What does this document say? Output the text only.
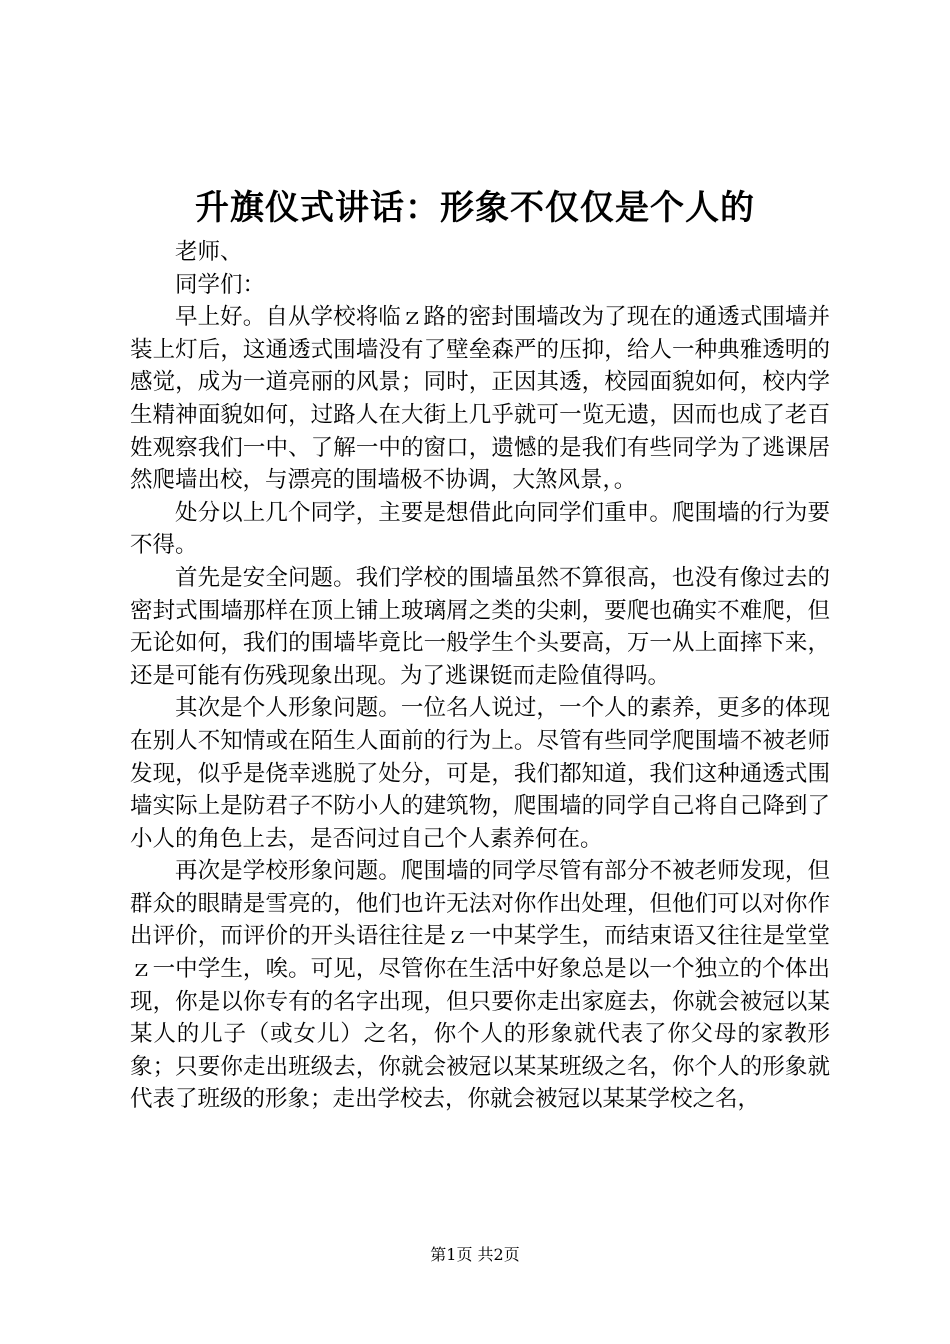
升旗仪式讲话：形象不仅仅是个人的

老师、

同学们：

早上好。自从学校将临ｚ路的密封围墙改为了现在的通透式围墙并装上灯后，这通透式围墙没有了壁垒森严的压抑，给人一种典雅透明的感觉，成为一道亮丽的风景；同时，正因其透，校园面貌如何，校内学生精神面貌如何，过路人在大街上几乎就可一览无遗，因而也成了老百姓观察我们一中、了解一中的窗口，遗憾的是我们有些同学为了逃课居然爬墙出校，与漂亮的围墙极不协调，大煞风景，。

处分以上几个同学，主要是想借此向同学们重申。爬围墙的行为要不得。

首先是安全问题。我们学校的围墙虽然不算很高，也没有像过去的密封式围墙那样在顶上铺上玻璃屑之类的尖刺，要爬也确实不难爬，但无论如何，我们的围墙毕竟比一般学生个头要高，万一从上面摔下来，还是可能有伤残现象出现。为了逃课铤而走险值得吗。

其次是个人形象问题。一位名人说过，一个人的素养，更多的体现在别人不知情或在陌生人面前的行为上。尽管有些同学爬围墙不被老师发现，似乎是侥幸逃脱了处分，可是，我们都知道，我们这种通透式围墙实际上是防君子不防小人的建筑物，爬围墙的同学自己将自己降到了小人的角色上去，是否问过自己个人素养何在。

再次是学校形象问题。爬围墙的同学尽管有部分不被老师发现，但群众的眼睛是雪亮的，他们也许无法对你作出处理，但他们可以对你作出评价，而评价的开头语往往是ｚ一中某学生，而结束语又往往是堂堂ｚ一中学生，唉。可见，尽管你在生活中好象总是以一个独立的个体出现，你是以你专有的名字出现，但只要你走出家庭去，你就会被冠以某某人的儿子（或女儿）之名，你个人的形象就代表了你父母的家教形象；只要你走出班级去，你就会被冠以某某班级之名，你个人的形象就代表了班级的形象；走出学校去，你就会被冠以某某学校之名，

第1页 共2页
